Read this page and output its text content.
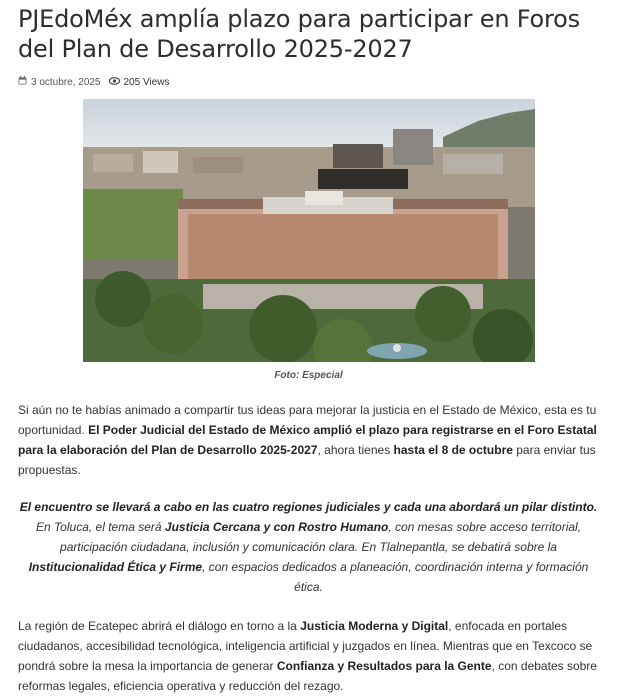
PJEdoMéx amplía plazo para participar en Foros del Plan de Desarrollo 2025-2027
3 octubre, 2025 205 Views
Foto: Especial

Si aún no te habías animado a compartir tus ideas para mejorar la justicia en el Estado de México, esta es tu oportunidad. El Poder Judicial del Estado de México amplió el plazo para registrarse en el Foro Estatal para la elaboración del Plan de Desarrollo 2025-2027, ahora tienes hasta el 8 de octubre para enviar tus propuestas.

El encuentro se llevará a cabo en las cuatro regiones judiciales y cada una abordará un pilar distinto. En Toluca, el tema será Justicia Cercana y con Rostro Humano, con mesas sobre acceso territorial, participación ciudadana, inclusión y comunicación clara. En Tlalnepantla, se debatirá sobre la Institucionalidad Ética y Firme, con espacios dedicados a planeación, coordinación interna y formación ética.

La región de Ecatepec abrirá el diálogo en torno a la Justicia Moderna y Digital, enfocada en portales ciudadanos, accesibilidad tecnológica, inteligencia artificial y juzgados en línea. Mientras que en Texcoco se pondrá sobre la mesa la importancia de generar Confianza y Resultados para la Gente, con debates sobre reformas legales, eficiencia operativa y reducción del rezago.
